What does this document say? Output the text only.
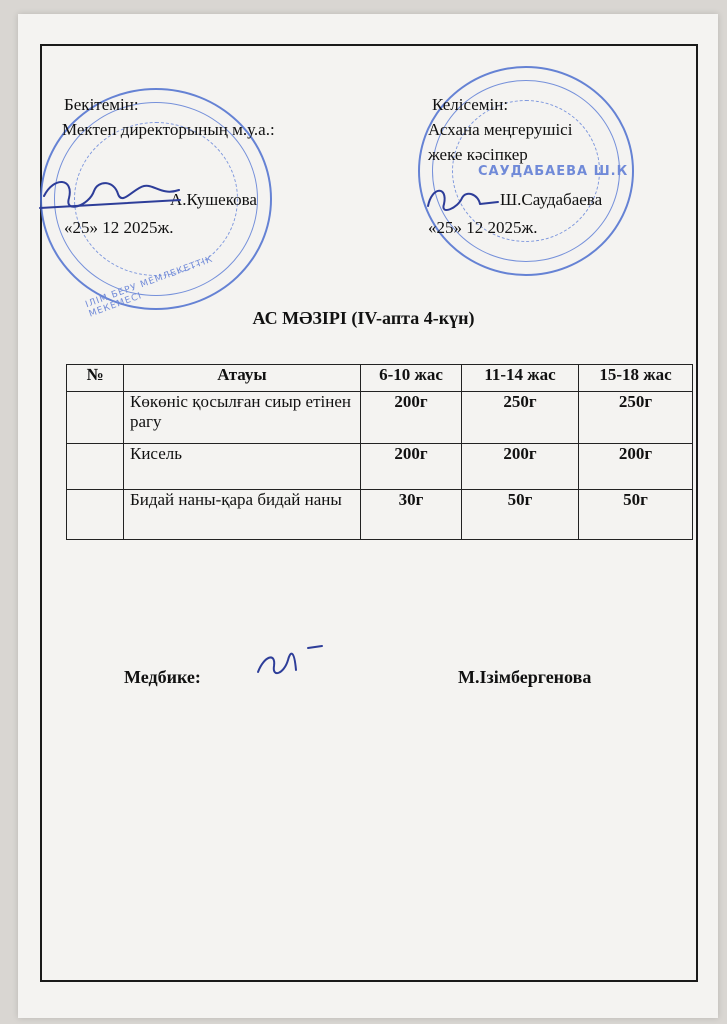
ІЛІМ БЕРУ МЕМЛЕКЕТТІК МЕКЕМЕСІ
САУДАБАЕВА Ш.К
Бекітемін:
Мектеп директорының м.у.а.:
А.Кушекова
«25» 12 2025ж.
Келісемін:
Асхана меңгерушісі
жеке кәсіпкер
Ш.Саудабаева
«25» 12 2025ж.
АС МӘЗІРІ (IV-апта 4-күн)
№	Атауы	6-10 жас	11-14 жас	15-18 жас
	Көкөніс қосылған сиыр етінен рагу	200г	250г	250г
	Кисель	200г	200г	200г
	Бидай наны-қара бидай наны	30г	50г	50г
Медбике:	М.Ізімбергенова
